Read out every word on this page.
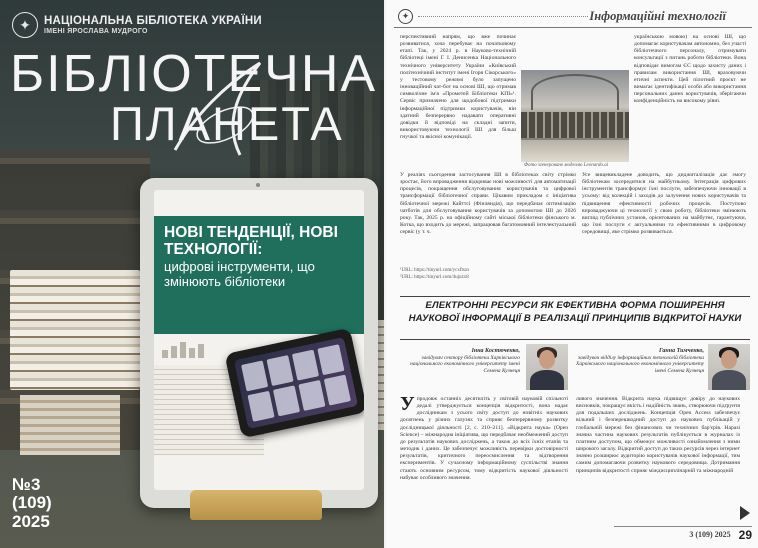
✦	НАЦІОНАЛЬНА БІБЛІОТЕКА УКРАЇНИ
ІМЕНІ ЯРОСЛАВА МУДРОГО
БІБЛІОТЕЧНА
ПЛАНЕТА
НОВІ ТЕНДЕНЦІЇ, НОВІ ТЕХНОЛОГІЇ:
цифрові інструменти, що змінюють бібліотеки
№3
(109)
2025
✦	Інформаційні технології
перспективний напрям, що вже починає розвиватися, хоча перебуває на початковому етапі. Так, у 2024 р. в Науково-технічній бібліотеці імені Г. І. Денисенка Національного технічного університету України «Київський політехнічний інститут імені Ігоря Сікорського» у тестовому режимі було запущено інноваційний чат-бот на основі ШІ, що отримав символічне ім'я «Прометей Бібліотеки КПІ»¹. Сервіс призначено для щодобової підтримки інформаційної підтримки користувачів, він здатний безперервно надавати оперативні довідки й відповіді на складні запити, використовуючи технології ШІ для більш гнучкої та якісної комунікації.
українською мовою) на основі ШІ, що допомагає користувачам автономно, без участі бібліотечного персоналу, отримувати консультації з питань роботи бібліотеки. Вона відповідає вимогам ЄС щодо захисту даних і правилам використання ШІ, враховуючи етичні аспекти. Цей пілотний проєкт не вимагає ідентифікації особи або використання персональних даних користувачів, зберігаючи конфіденційність на високому рівні.
Фото згенероване моделлю Leonardo.ai
У реаліях сьогодення застосування ШІ в бібліотеках світу стрімко зростає, його впровадження відкриває нові можливості для автоматизації процесів, покращення обслуговування користувачів та цифрової трансформації бібліотечної справи. Цікавим прикладом є ініціатива бібліотечної мережі Кайттсі (Фінляндія), що передбачає оптимізацію чатботів для обслуговування користувачів за допомогою ШІ до 2026 року. Так, 2025 р. на офіційному сайті міської бібліотеки фінського м. Котка, що входить до мережі, запрацював багатомовний інтелектуальний сервіс (у т. ч.
Усе вищевикладене доводить, що диджиталізація дає змогу бібліотекам зосередитися на майбутньому. Інтеграція цифрових інструментів трансформує їхні послуги, забезпечуючи інновації в усьому: від колекцій і заходів до залучення нових користувачів та підвищення ефективності робочих процесів. Поступово впроваджуючи ці технології у свою роботу, бібліотеки змінюють вигляд публічних установ, орієнтованих на майбутнє, гарантуючи, що їхні послуги є актуальними та ефективними в цифровому середовищі, яке стрімко розвивається.
¹URL: https://tinyurl.com/ycxftszx
²URL: https://tinyurl.com/4ujuzx8
ЕЛЕКТРОННІ РЕСУРСИ ЯК ЕФЕКТИВНА ФОРМА ПОШИРЕННЯ НАУКОВОЇ ІНФОРМАЦІЇ В РЕАЛІЗАЦІЇ ПРИНЦИПІВ ВІДКРИТОЇ НАУКИ
Інна Костюченко,
завідувач сектору бібліотеки Харківського національного економічного університету імені Семена Кузнеця
Ганна Тимченко,
завідувач відділу інформаційних технологій бібліотеки Харківського національного економічного університету імені Семена Кузнеця
Упродовж останніх десятиліть у світовій науковій спільноті дедалі утверджується концепція відкритості, вона надає дослідникам з усього світу доступ до новітніх наукових досягнень у різних галузях та сприяє безперервному розвитку дослідницької діяльності [2, с. 210–211]. «Відкрита наука» (Open Science) – міжнародна ініціатива, що передбачає необмежений доступ до результатів наукових досліджень, а також до всіх їхніх етапів та методик і даних. Це забезпечує можливість перевірки достовірності результатів, критичного переосмислення та відтворення експериментів. У сучасному інформаційному суспільстві знання стають основним ресурсом, тому відкритість наукової діяльності набуває особливого значення.
ливого значення. Відкрита наука підвищує довіру до наукових висновків, покращує якість і надійність знань, створюючи підґрунтя для подальших досліджень. Концепція Open Access забезпечує вільний і безперешкодний доступ до наукових публікацій у глобальній мережі без фінансових чи технічних бар'єрів. Наразі значна частина наукових результатів публікується в журналах із платним доступом, що обмежує можливості ознайомлення з ними широкого загалу. Відкритий доступ до таких ресурсів через інтернет значно розширює аудиторію користувачів наукової інформації, тим самим допомагаючи розвитку наукового середовища. Дотримання принципів відкритості сприяє міждисциплінарній та міжнародній
3 (109) 2025 29
